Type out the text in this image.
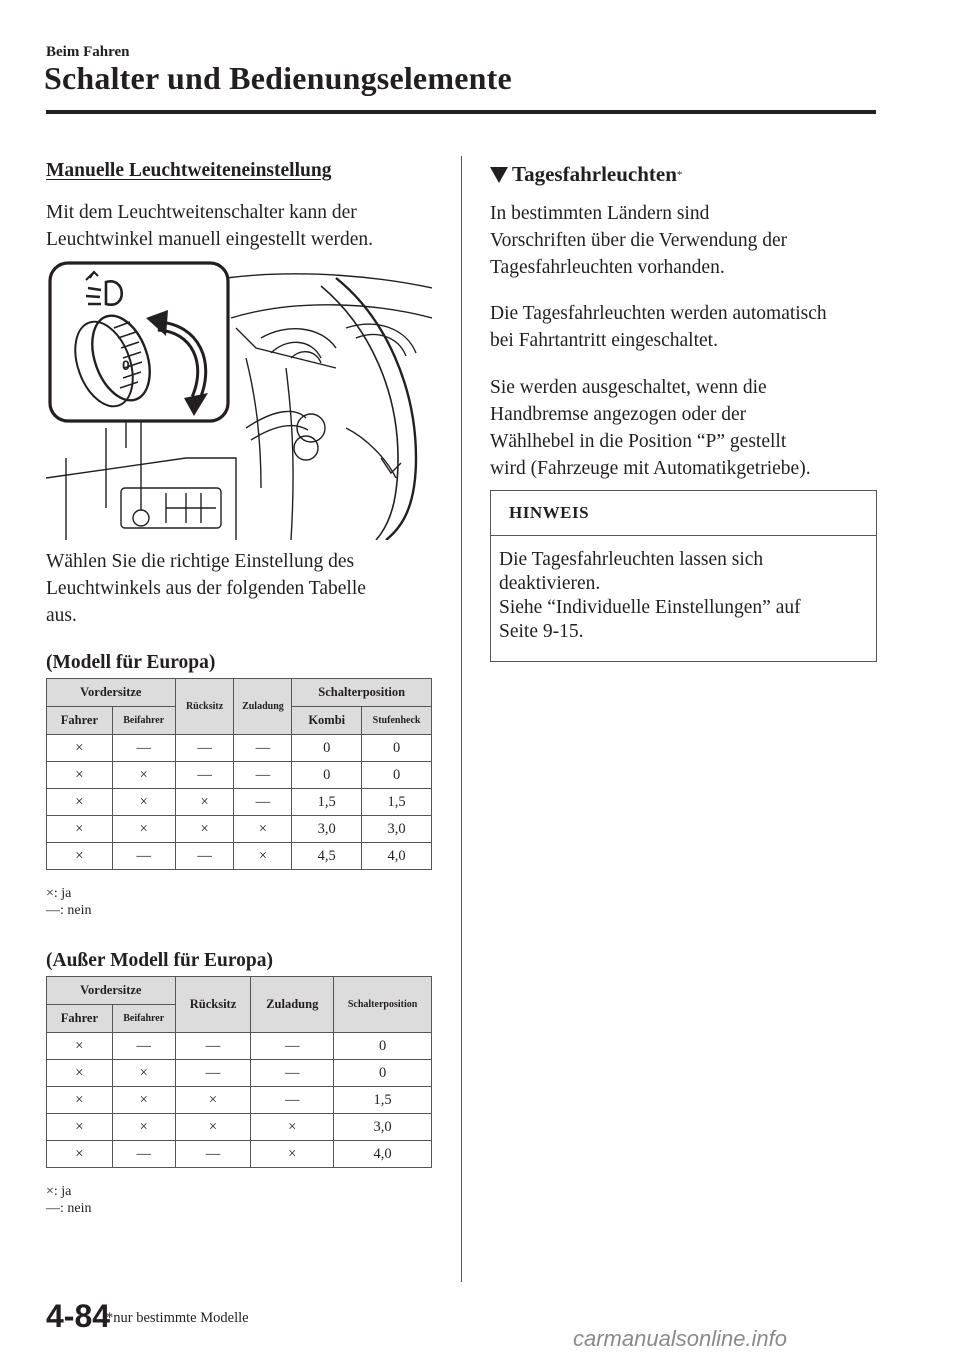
Beim Fahren
Schalter und Bedienungselemente
Manuelle Leuchtweiteneinstellung
Mit dem Leuchtweitenschalter kann der
Leuchtwinkel manuell eingestellt werden.
0
Wählen Sie die richtige Einstellung des
Leuchtwinkels aus der folgenden Tabelle
aus.
(Modell für Europa)
Vordersitze		Rücksitz	Zuladung	Schalterposition	
Fahrer	Beifahrer			Kombi	Stufenheck
×	—	—	—	0	0
×	×	—	—	0	0
×	×	×	—	1,5	1,5
×	×	×	×	3,0	3,0
×	—	—	×	4,5	4,0
×: ja
—: nein
(Außer Modell für Europa)
Vordersitze		Rücksitz	Zuladung	Schalterposition
Fahrer	Beifahrer			
×	—	—	—	0
×	×	—	—	0
×	×	×	—	1,5
×	×	×	×	3,0
×	—	—	×	4,0
×: ja
—: nein
Tagesfahrleuchten *
In bestimmten Ländern sind
Vorschriften über die Verwendung der
Tagesfahrleuchten vorhanden.
Die Tagesfahrleuchten werden automatisch
bei Fahrtantritt eingeschaltet.
Sie werden ausgeschaltet, wenn die
Handbremse angezogen oder der
Wählhebel in die Position “P” gestellt
wird (Fahrzeuge mit Automatikgetriebe).
HINWEIS
Die Tagesfahrleuchten lassen sich
deaktivieren.
Siehe “Individuelle Einstellungen” auf
Seite 9-15.
4-84
*nur bestimmte Modelle
carmanualsonline.info
